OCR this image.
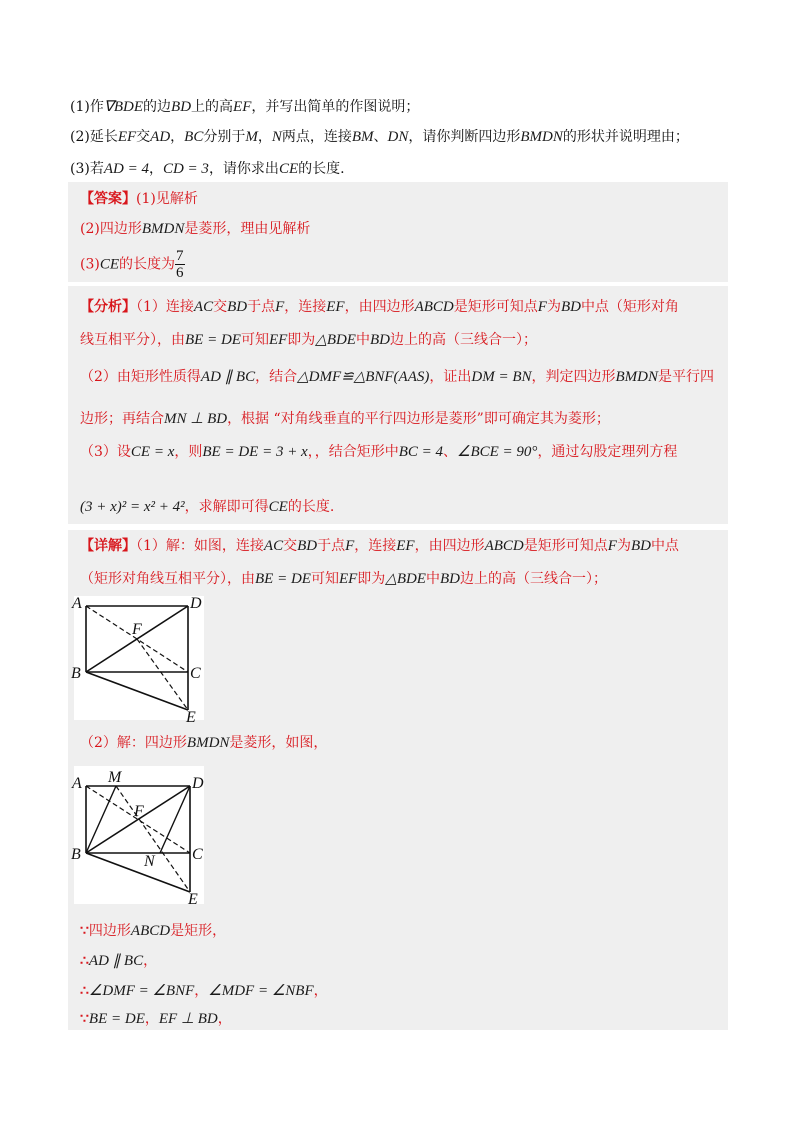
(1)作∇BDE的边BD上的高EF，并写出简单的作图说明；
(2)延长EF交AD，BC分别于M，N两点，连接BM、DN，请你判断四边形BMDN的形状并说明理由；
(3)若AD = 4，CD = 3，请你求出CE的长度.
【答案】(1)见解析
(2)四边形BMDN是菱形，理由见解析
(3)CE的长度为 $\frac{7}{6}$
【分析】（1）连接AC交BD于点F，连接EF，由四边形ABCD是矩形可知点F为BD中点（矩形对角
线互相平分），由BE = DE可知EF即为△BDE中BD边上的高（三线合一）；
（2）由矩形性质得AD ∥ BC，结合△DMF≌△BNF(AAS)，证出DM = BN，判定四边形BMDN是平行四
边形；再结合MN ⊥ BD，根据 “对角线垂直的平行四边形是菱形”即可确定其为菱形；
（3）设CE = x，则BE = DE = 3 + x，，结合矩形中BC = 4、∠BCE = 90°，通过勾股定理列方程
(3 + x)² = x² + 4²，求解即可得CE的长度.
【详解】（1）解：如图，连接AC交BD于点F，连接EF，由四边形ABCD是矩形可知点F为BD中点
（矩形对角线互相平分），由BE = DE可知EF即为△BDE中BD边上的高（三线合一）；
A	D
F
B	C
E
（2）解：四边形BMDN是菱形，如图，
A M	D
F
B	N C
E
∵四边形ABCD是矩形，
∴AD ∥ BC，
∴∠DMF = ∠BNF，∠MDF = ∠NBF，
∵BE = DE，EF ⊥ BD，
